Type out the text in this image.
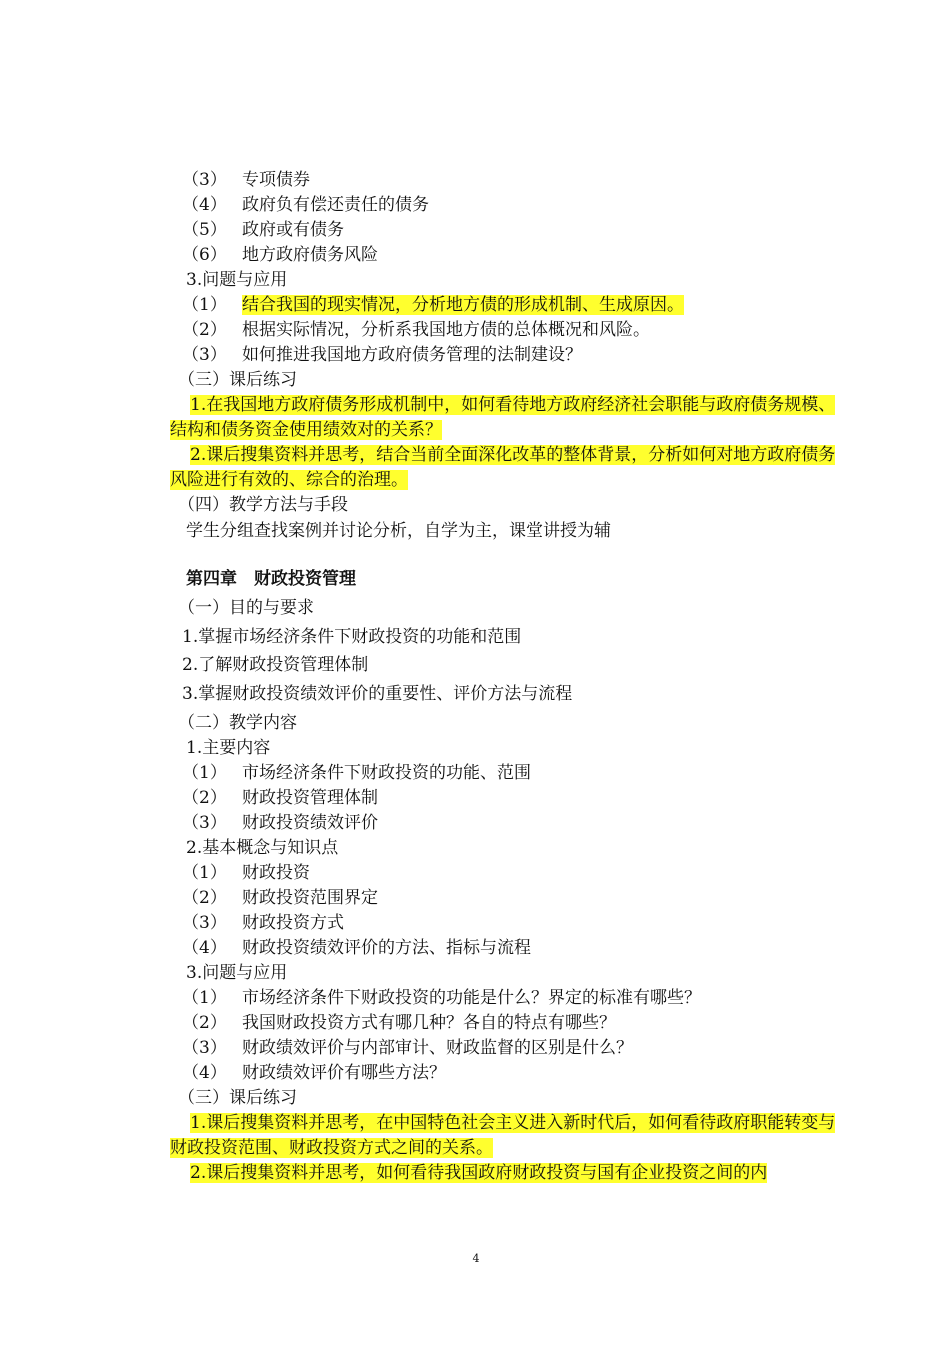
（3） 专项债券
（4） 政府负有偿还责任的债务
（5） 政府或有债务
（6） 地方政府债务风险
3.问题与应用
（1） 结合我国的现实情况，分析地方债的形成机制、生成原因。
（2） 根据实际情况，分析系我国地方债的总体概况和风险。
（3） 如何推进我国地方政府债务管理的法制建设？
（三）课后练习
1.在我国地方政府债务形成机制中，如何看待地方政府经济社会职能与政府债务规模、结构和债务资金使用绩效对的关系？
2.课后搜集资料并思考，结合当前全面深化改革的整体背景，分析如何对地方政府债务风险进行有效的、综合的治理。
（四）教学方法与手段
学生分组查找案例并讨论分析，自学为主，课堂讲授为辅
第四章　财政投资管理
（一）目的与要求
1.掌握市场经济条件下财政投资的功能和范围
2.了解财政投资管理体制
3.掌握财政投资绩效评价的重要性、评价方法与流程
（二）教学内容
1.主要内容
（1） 市场经济条件下财政投资的功能、范围
（2） 财政投资管理体制
（3） 财政投资绩效评价
2.基本概念与知识点
（1） 财政投资
（2） 财政投资范围界定
（3） 财政投资方式
（4） 财政投资绩效评价的方法、指标与流程
3.问题与应用
（1） 市场经济条件下财政投资的功能是什么？界定的标准有哪些？
（2） 我国财政投资方式有哪几种？各自的特点有哪些？
（3） 财政绩效评价与内部审计、财政监督的区别是什么？
（4） 财政绩效评价有哪些方法？
（三）课后练习
1.课后搜集资料并思考，在中国特色社会主义进入新时代后，如何看待政府职能转变与财政投资范围、财政投资方式之间的关系。
2.课后搜集资料并思考，如何看待我国政府财政投资与国有企业投资之间的内
4
